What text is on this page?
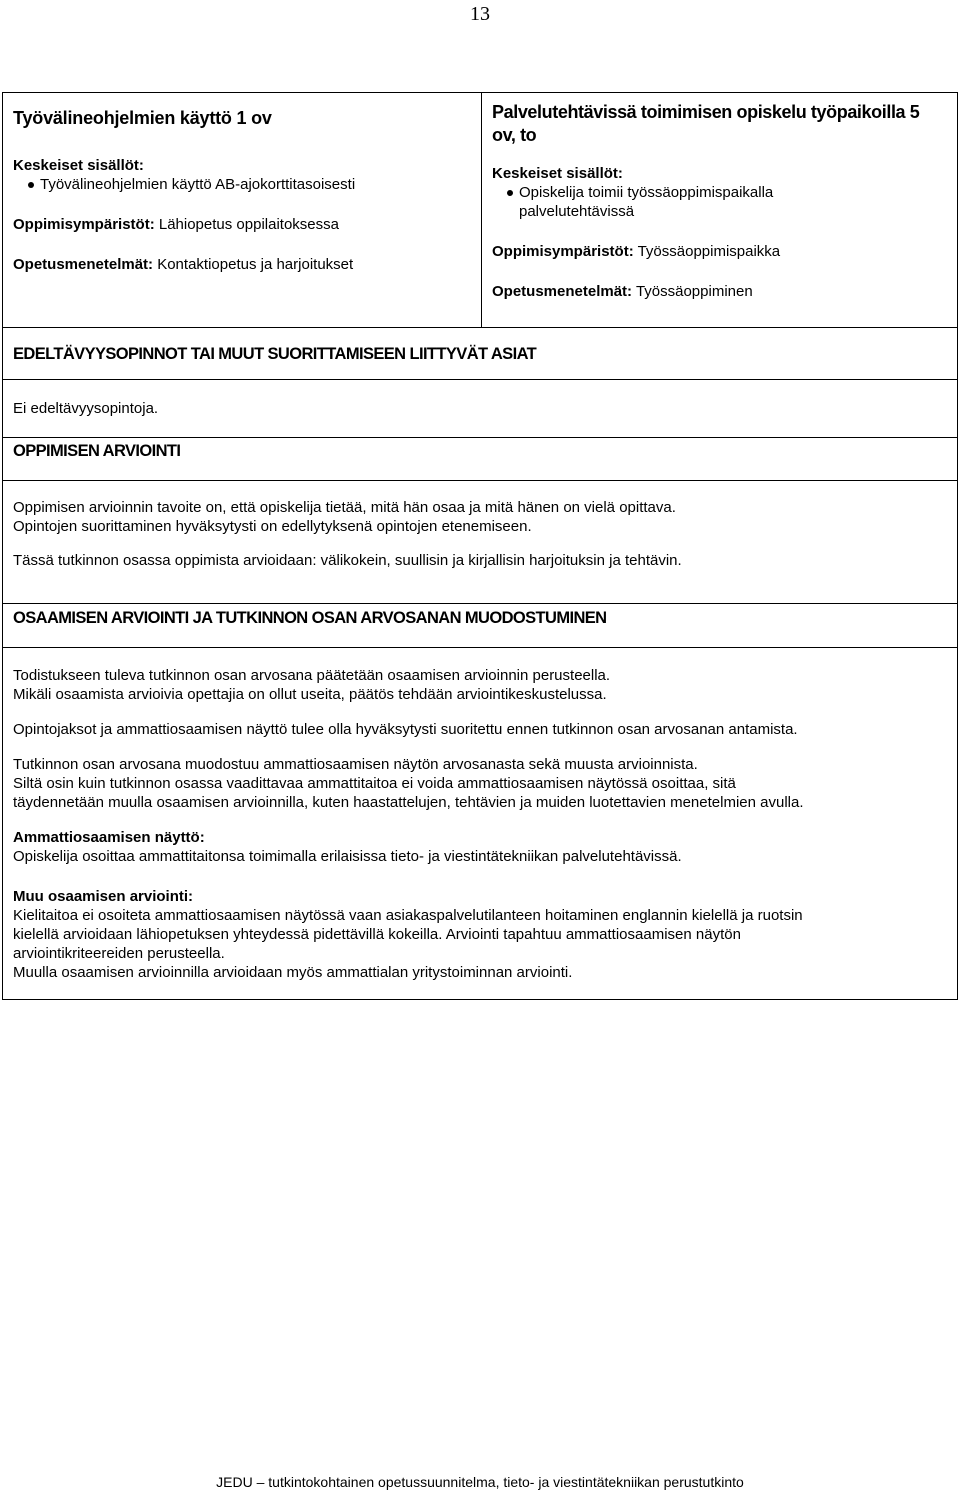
13
Työvälineohjelmien käyttö 1 ov
Keskeiset sisällöt:
Työvälineohjelmien käyttö AB-ajokorttitasoisesti

Oppimisympäristöt: Lähiopetus oppilaitoksessa

Opetusmenetelmät: Kontaktiopetus ja harjoitukset

Palvelutehtävissä toimimisen opiskelu työpaikoilla 5
ov, to
Keskeiset sisällöt:
Opiskelija toimii työssäoppimispaikalla
palvelutehtävissä

Oppimisympäristöt: Työssäoppimispaikka

Opetusmenetelmät: Työssäoppiminen

EDELTÄVYYSOPINNOT TAI MUUT SUORITTAMISEEN LIITTYVÄT ASIAT

Ei edeltävyysopintoja.

OPPIMISEN ARVIOINTI

Oppimisen arvioinnin tavoite on, että opiskelija tietää, mitä hän osaa ja mitä hänen on vielä opittava.

Opintojen suorittaminen hyväksytysti on edellytyksenä opintojen etenemiseen.

Tässä tutkinnon osassa oppimista arvioidaan: välikokein, suullisin ja kirjallisin harjoituksin ja tehtävin.

OSAAMISEN ARVIOINTI JA TUTKINNON OSAN ARVOSANAN MUODOSTUMINEN

Todistukseen tuleva tutkinnon osan arvosana päätetään osaamisen arvioinnin perusteella.

Mikäli osaamista arvioivia opettajia on ollut useita, päätös tehdään arviointikeskustelussa.

Opintojaksot ja ammattiosaamisen näyttö tulee olla hyväksytysti suoritettu ennen tutkinnon osan arvosanan antamista.

Tutkinnon osan arvosana muodostuu ammattiosaamisen näytön arvosanasta sekä muusta arvioinnista.

Siltä osin kuin tutkinnon osassa vaadittavaa ammattitaitoa ei voida ammattiosaamisen näytössä osoittaa, sitä

täydennetään muulla osaamisen arvioinnilla, kuten haastattelujen, tehtävien ja muiden luotettavien menetelmien avulla.

Ammattiosaamisen näyttö:

Opiskelija osoittaa ammattitaitonsa toimimalla erilaisissa tieto- ja viestintätekniikan palvelutehtävissä.

Muu osaamisen arviointi:

Kielitaitoa ei osoiteta ammattiosaamisen näytössä vaan asiakaspalvelutilanteen hoitaminen englannin kielellä ja ruotsin

kielellä arvioidaan lähiopetuksen yhteydessä pidettävillä kokeilla. Arviointi tapahtuu ammattiosaamisen näytön

arviointikriteereiden perusteella.

Muulla osaamisen arvioinnilla arvioidaan myös ammattialan yritystoiminnan arviointi.

JEDU – tutkintokohtainen opetussuunnitelma, tieto- ja viestintätekniikan perustutkinto
